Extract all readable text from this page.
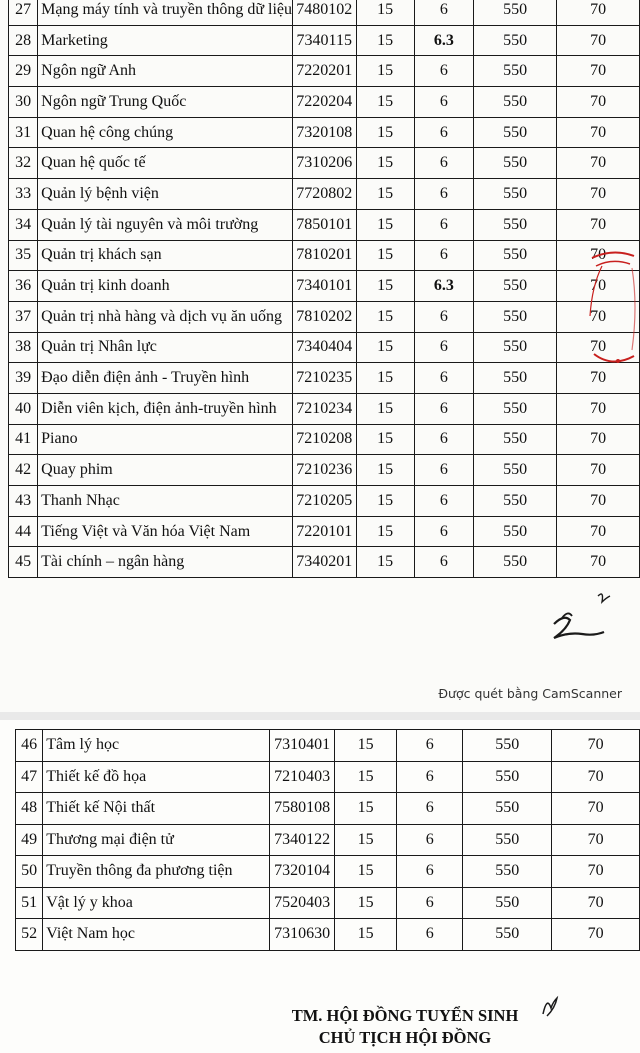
27	Mạng máy tính và truyền thông dữ liệu	7480102	15	6	550	70
28	Marketing	7340115	15	6.3	550	70
29	Ngôn ngữ Anh	7220201	15	6	550	70
30	Ngôn ngữ Trung Quốc	7220204	15	6	550	70
31	Quan hệ công chúng	7320108	15	6	550	70
32	Quan hệ quốc tế	7310206	15	6	550	70
33	Quản lý bệnh viện	7720802	15	6	550	70
34	Quản lý tài nguyên và môi trường	7850101	15	6	550	70
35	Quản trị khách sạn	7810201	15	6	550	70
36	Quản trị kinh doanh	7340101	15	6.3	550	70
37	Quản trị nhà hàng và dịch vụ ăn uống	7810202	15	6	550	70
38	Quản trị Nhân lực	7340404	15	6	550	70
39	Đạo diễn điện ảnh - Truyền hình	7210235	15	6	550	70
40	Diễn viên kịch, điện ảnh-truyền hình	7210234	15	6	550	70
41	Piano	7210208	15	6	550	70
42	Quay phim	7210236	15	6	550	70
43	Thanh Nhạc	7210205	15	6	550	70
44	Tiếng Việt và Văn hóa Việt Nam	7220101	15	6	550	70
45	Tài chính – ngân hàng	7340201	15	6	550	70
Được quét bằng CamScanner
46	Tâm lý học	7310401	15	6	550	70
47	Thiết kế đồ họa	7210403	15	6	550	70
48	Thiết kế Nội thất	7580108	15	6	550	70
49	Thương mại điện tử	7340122	15	6	550	70
50	Truyền thông đa phương tiện	7320104	15	6	550	70
51	Vật lý y khoa	7520403	15	6	550	70
52	Việt Nam học	7310630	15	6	550	70
TM. HỘI ĐỒNG TUYỂN SINH
CHỦ TỊCH HỘI ĐỒNG
